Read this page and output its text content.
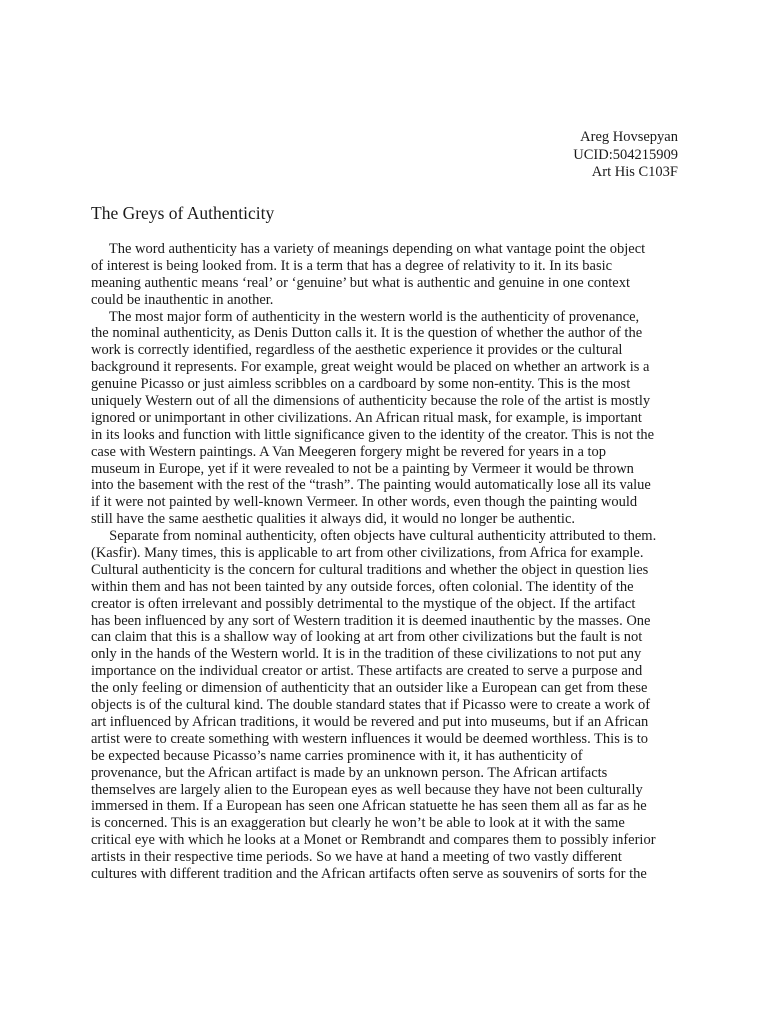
Areg Hovsepyan
UCID:504215909
Art His C103F
The Greys of Authenticity
The word authenticity has a variety of meanings depending on what vantage point the object
of interest is being looked from. It is a term that has a degree of relativity to it. In its basic
meaning authentic means ‘real’ or ‘genuine’ but what is authentic and genuine in one context
could be inauthentic in another.
The most major form of authenticity in the western world is the authenticity of provenance,
the nominal authenticity, as Denis Dutton calls it. It is the question of whether the author of the
work is correctly identified, regardless of the aesthetic experience it provides or the cultural
background it represents. For example, great weight would be placed on whether an artwork is a
genuine Picasso or just aimless scribbles on a cardboard by some non-entity. This is the most
uniquely Western out of all the dimensions of authenticity because the role of the artist is mostly
ignored or unimportant in other civilizations. An African ritual mask, for example, is important
in its looks and function with little significance given to the identity of the creator. This is not the
case with Western paintings. A Van Meegeren forgery might be revered for years in a top
museum in Europe, yet if it were revealed to not be a painting by Vermeer it would be thrown
into the basement with the rest of the “trash”. The painting would automatically lose all its value
if it were not painted by well-known Vermeer. In other words, even though the painting would
still have the same aesthetic qualities it always did, it would no longer be authentic.
Separate from nominal authenticity, often objects have cultural authenticity attributed to them.
(Kasfir). Many times, this is applicable to art from other civilizations, from Africa for example.
Cultural authenticity is the concern for cultural traditions and whether the object in question lies
within them and has not been tainted by any outside forces, often colonial. The identity of the
creator is often irrelevant and possibly detrimental to the mystique of the object. If the artifact
has been influenced by any sort of Western tradition it is deemed inauthentic by the masses. One
can claim that this is a shallow way of looking at art from other civilizations but the fault is not
only in the hands of the Western world. It is in the tradition of these civilizations to not put any
importance on the individual creator or artist. These artifacts are created to serve a purpose and
the only feeling or dimension of authenticity that an outsider like a European can get from these
objects is of the cultural kind. The double standard states that if Picasso were to create a work of
art influenced by African traditions, it would be revered and put into museums, but if an African
artist were to create something with western influences it would be deemed worthless. This is to
be expected because Picasso’s name carries prominence with it, it has authenticity of
provenance, but the African artifact is made by an unknown person. The African artifacts
themselves are largely alien to the European eyes as well because they have not been culturally
immersed in them. If a European has seen one African statuette he has seen them all as far as he
is concerned. This is an exaggeration but clearly he won’t be able to look at it with the same
critical eye with which he looks at a Monet or Rembrandt and compares them to possibly inferior
artists in their respective time periods. So we have at hand a meeting of two vastly different
cultures with different tradition and the African artifacts often serve as souvenirs of sorts for the
